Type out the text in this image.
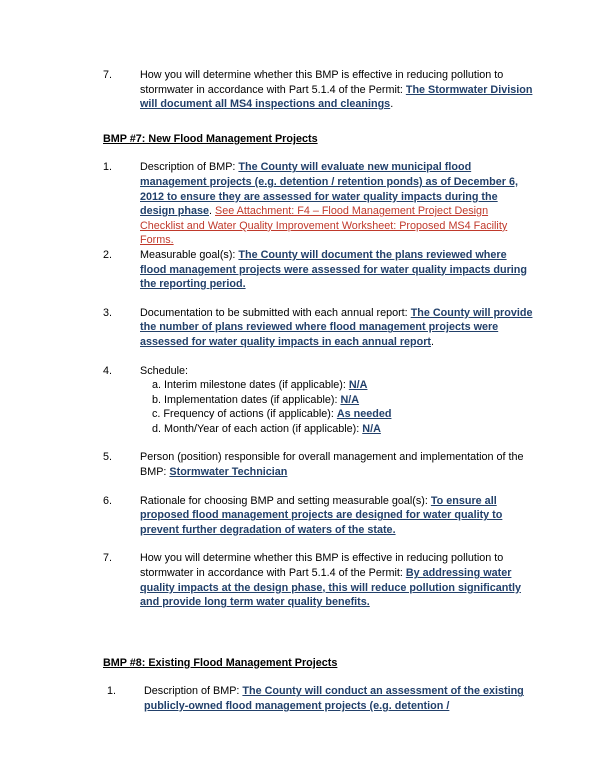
7.	How you will determine whether this BMP is effective in reducing pollution to stormwater in accordance with Part 5.1.4 of the Permit: The Stormwater Division will document all MS4 inspections and cleanings.
BMP #7: New Flood Management Projects
1.	Description of BMP: The County will evaluate new municipal flood management projects (e.g. detention / retention ponds) as of December 6, 2012 to ensure they are assessed for water quality impacts during the design phase. See Attachment: F4 – Flood Management Project Design Checklist and Water Quality Improvement Worksheet: Proposed MS4 Facility Forms.
2.	Measurable goal(s): The County will document the plans reviewed where flood management projects were assessed for water quality impacts during the reporting period.
3.	Documentation to be submitted with each annual report: The County will provide the number of plans reviewed where flood management projects were assessed for water quality impacts in each annual report.
4.	Schedule:
a. Interim milestone dates (if applicable): N/A
b. Implementation dates (if applicable): N/A
c. Frequency of actions (if applicable): As needed
d. Month/Year of each action (if applicable): N/A
5.	Person (position) responsible for overall management and implementation of the BMP: Stormwater Technician
6.	Rationale for choosing BMP and setting measurable goal(s): To ensure all proposed flood management projects are designed for water quality to prevent further degradation of waters of the state.
7.	How you will determine whether this BMP is effective in reducing pollution to stormwater in accordance with Part 5.1.4 of the Permit: By addressing water quality impacts at the design phase, this will reduce pollution significantly and provide long term water quality benefits.
BMP #8: Existing Flood Management Projects
1.	Description of BMP: The County will conduct an assessment of the existing publicly-owned flood management projects (e.g. detention /
